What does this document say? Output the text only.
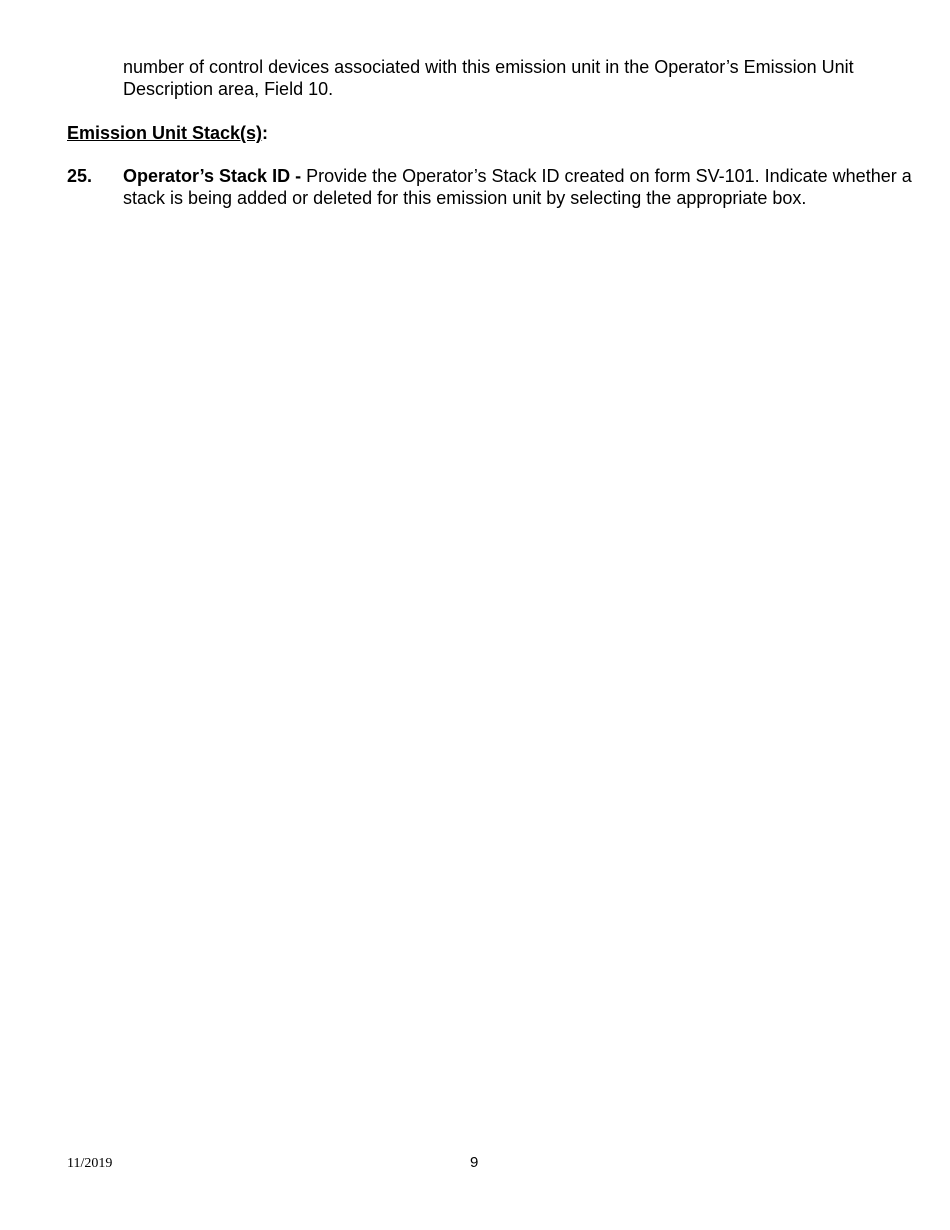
number of control devices associated with this emission unit in the Operator’s Emission Unit Description area, Field 10.

Emission Unit Stack(s):
25. Operator’s Stack ID - Provide the Operator’s Stack ID created on form SV-101. Indicate whether a stack is being added or deleted for this emission unit by selecting the appropriate box.
11/2019	9
